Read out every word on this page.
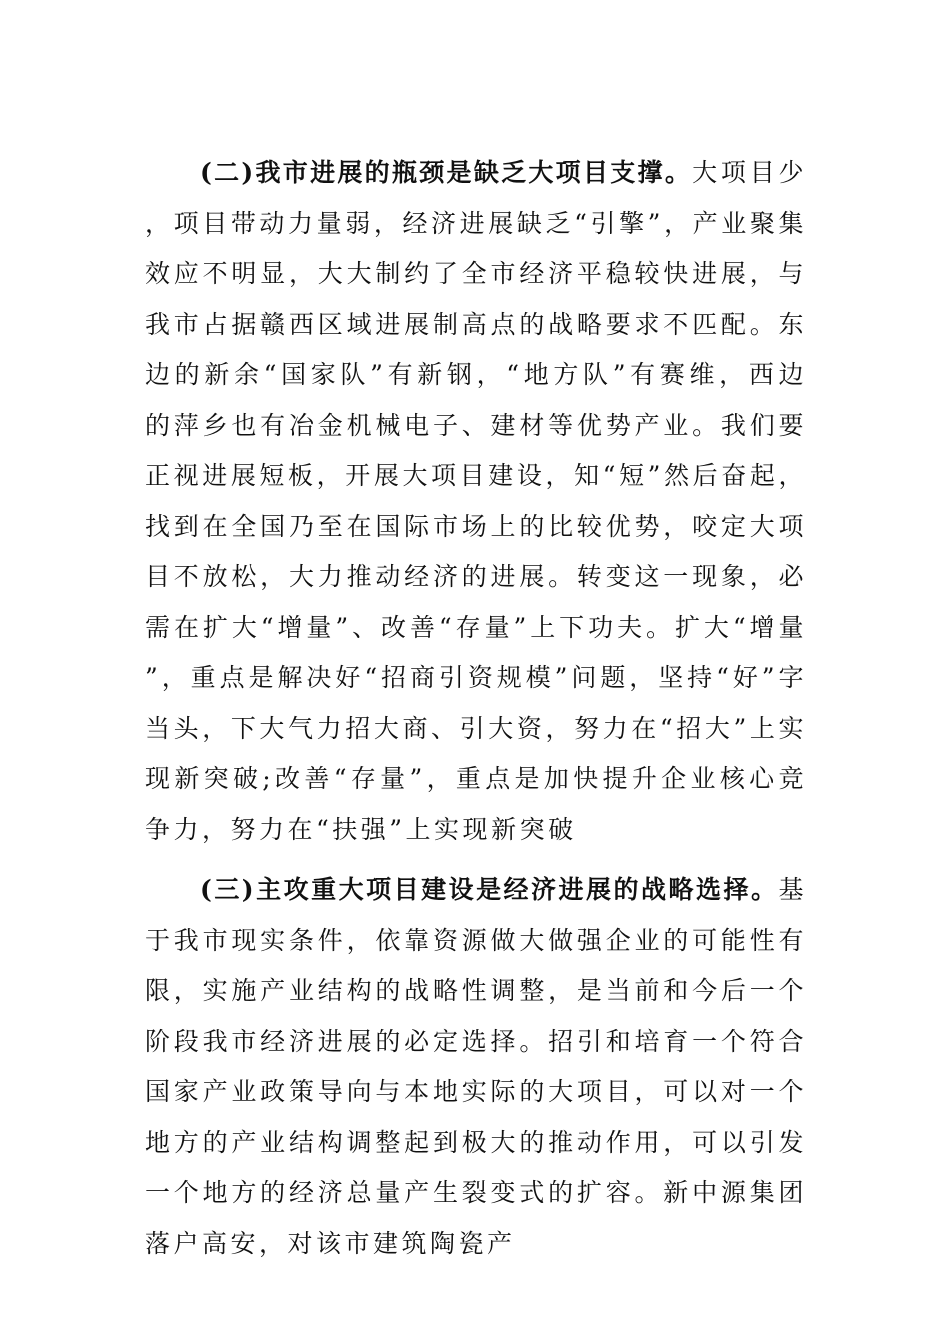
(二)我市进展的瓶颈是缺乏大项目支撑。大项目少，项目带动力量弱，经济进展缺乏“引擎”，产业聚集效应不明显，大大制约了全市经济平稳较快进展，与我市占据赣西区域进展制高点的战略要求不匹配。东边的新余“国家队”有新钢，“地方队”有赛维，西边的萍乡也有冶金机械电子、建材等优势产业。我们要正视进展短板，开展大项目建设，知“短”然后奋起，找到在全国乃至在国际市场上的比较优势，咬定大项目不放松，大力推动经济的进展。转变这一现象，必需在扩大“增量”、改善“存量”上下功夫。扩大“增量”，重点是解决好“招商引资规模”问题，坚持“好”字当头，下大气力招大商、引大资，努力在“招大”上实现新突破;改善“存量”，重点是加快提升企业核心竞争力，努力在“扶强”上实现新突破

(三)主攻重大项目建设是经济进展的战略选择。基于我市现实条件，依靠资源做大做强企业的可能性有限，实施产业结构的战略性调整，是当前和今后一个阶段我市经济进展的必定选择。招引和培育一个符合国家产业政策导向与本地实际的大项目，可以对一个地方的产业结构调整起到极大的推动作用，可以引发一个地方的经济总量产生裂变式的扩容。新中源集团落户高安，对该市建筑陶瓷产
